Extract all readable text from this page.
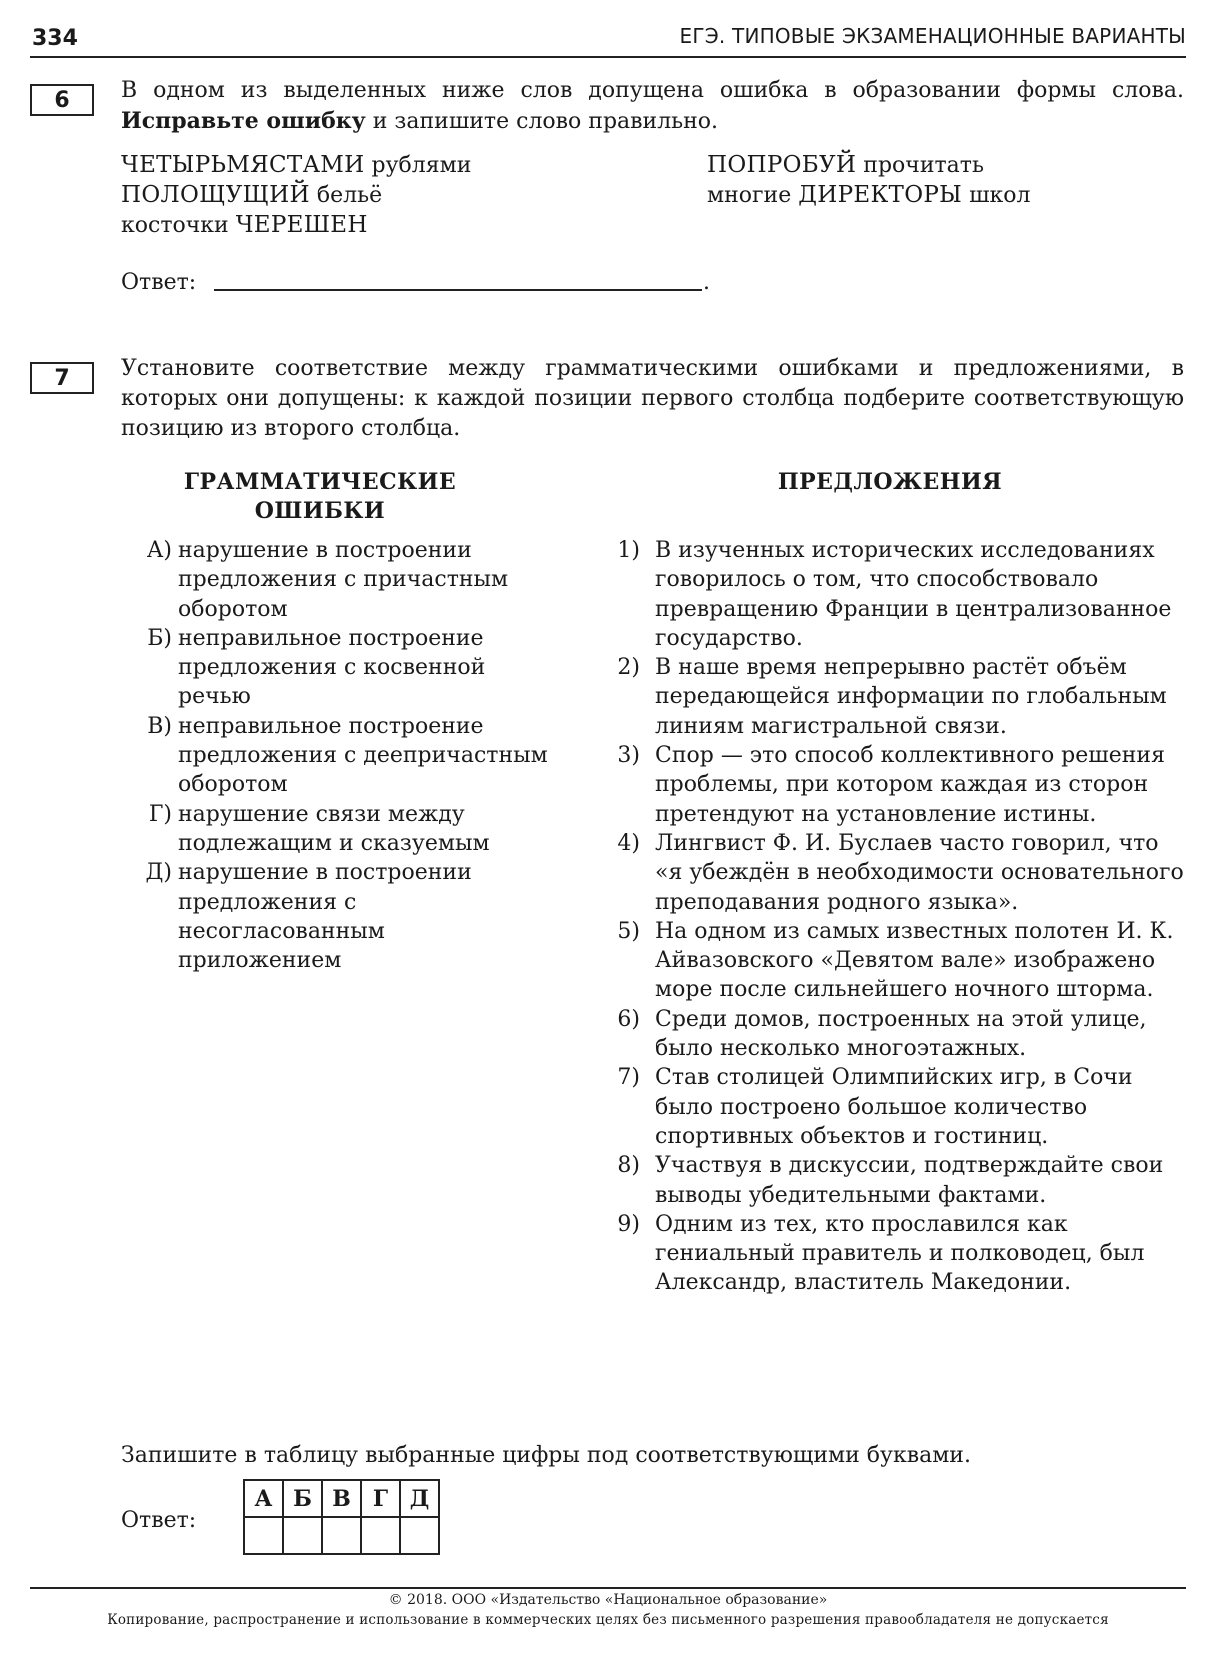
334	ЕГЭ. ТИПОВЫЕ ЭКЗАМЕНАЦИОННЫЕ ВАРИАНТЫ
6	В одном из выделенных ниже слов допущена ошибка в образовании формы слова. Исправьте ошибку и запишите слово правильно.
ЧЕТЫРЬМЯСТАМИ рублями
ПОЛОЩУЩИЙ бельё
косточки ЧЕРЕШЕН
ПОПРОБУЙ прочитать
многие ДИРЕКТОРЫ школ
Ответ:	.
7	Установите соответствие между грамматическими ошибками и предложениями, в которых они допущены: к каждой позиции первого столбца подберите соответствующую позицию из второго столбца.
ГРАММАТИЧЕСКИЕ
ОШИБКИ
ПРЕДЛОЖЕНИЯ
А) нарушение в построении предложения с причастным оборотом
Б) неправильное построение предложения с косвенной речью
В) неправильное построение предложения с деепричастным оборотом
Г) нарушение связи между подлежащим и сказуемым
Д) нарушение в построении предложения с несогласованным приложением
1) В изученных исторических исследованиях говорилось о том, что способствовало превращению Франции в централизованное государство.
2) В наше время непрерывно растёт объём передающейся информации по глобальным линиям магистральной связи.
3) Спор — это способ коллективного решения проблемы, при котором каждая из сторон претендуют на установление истины.
4) Лингвист Ф. И. Буслаев часто говорил, что «я убеждён в необходимости основательного преподавания родного языка».
5) На одном из самых известных полотен И. К. Айвазовского «Девятом вале» изображено море после сильнейшего ночного шторма.
6) Среди домов, построенных на этой улице, было несколько многоэтажных.
7) Став столицей Олимпийских игр, в Сочи было построено большое количество спортивных объектов и гостиниц.
8) Участвуя в дискуссии, подтверждайте свои выводы убедительными фактами.
9) Одним из тех, кто прославился как гениальный правитель и полководец, был Александр, властитель Македонии.
Запишите в таблицу выбранные цифры под соответствующими буквами.
Ответ:
А	Б	В	Г	Д

© 2018. ООО «Издательство «Национальное образование»
Копирование, распространение и использование в коммерческих целях без письменного разрешения правообладателя не допускается
